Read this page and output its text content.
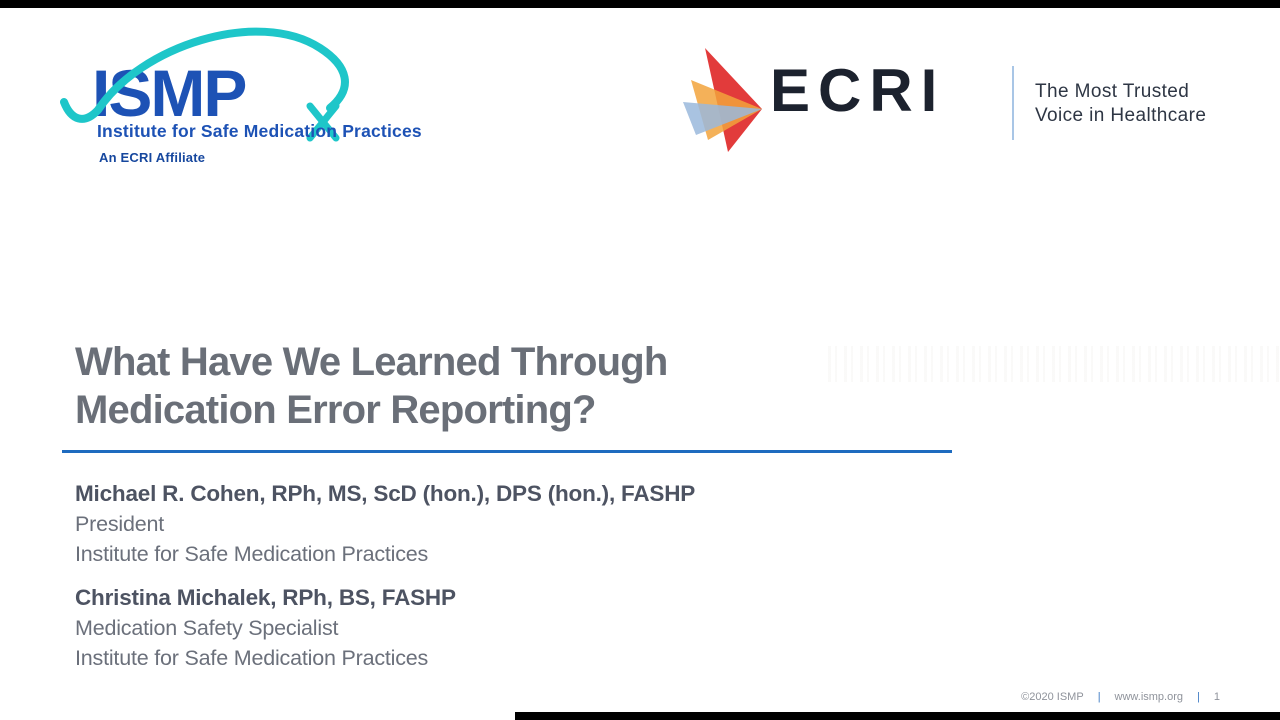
ISMP
Institute for Safe Medication Practices
An ECRI Affiliate
ECRI	The Most Trusted
Voice in Healthcare
What Have We Learned Through
Medication Error Reporting?
Michael R. Cohen, RPh, MS, ScD (hon.), DPS (hon.), FASHP
President
Institute for Safe Medication Practices
Christina Michalek, RPh, BS, FASHP
Medication Safety Specialist
Institute for Safe Medication Practices
©2020 ISMP | www.ismp.org | 1
